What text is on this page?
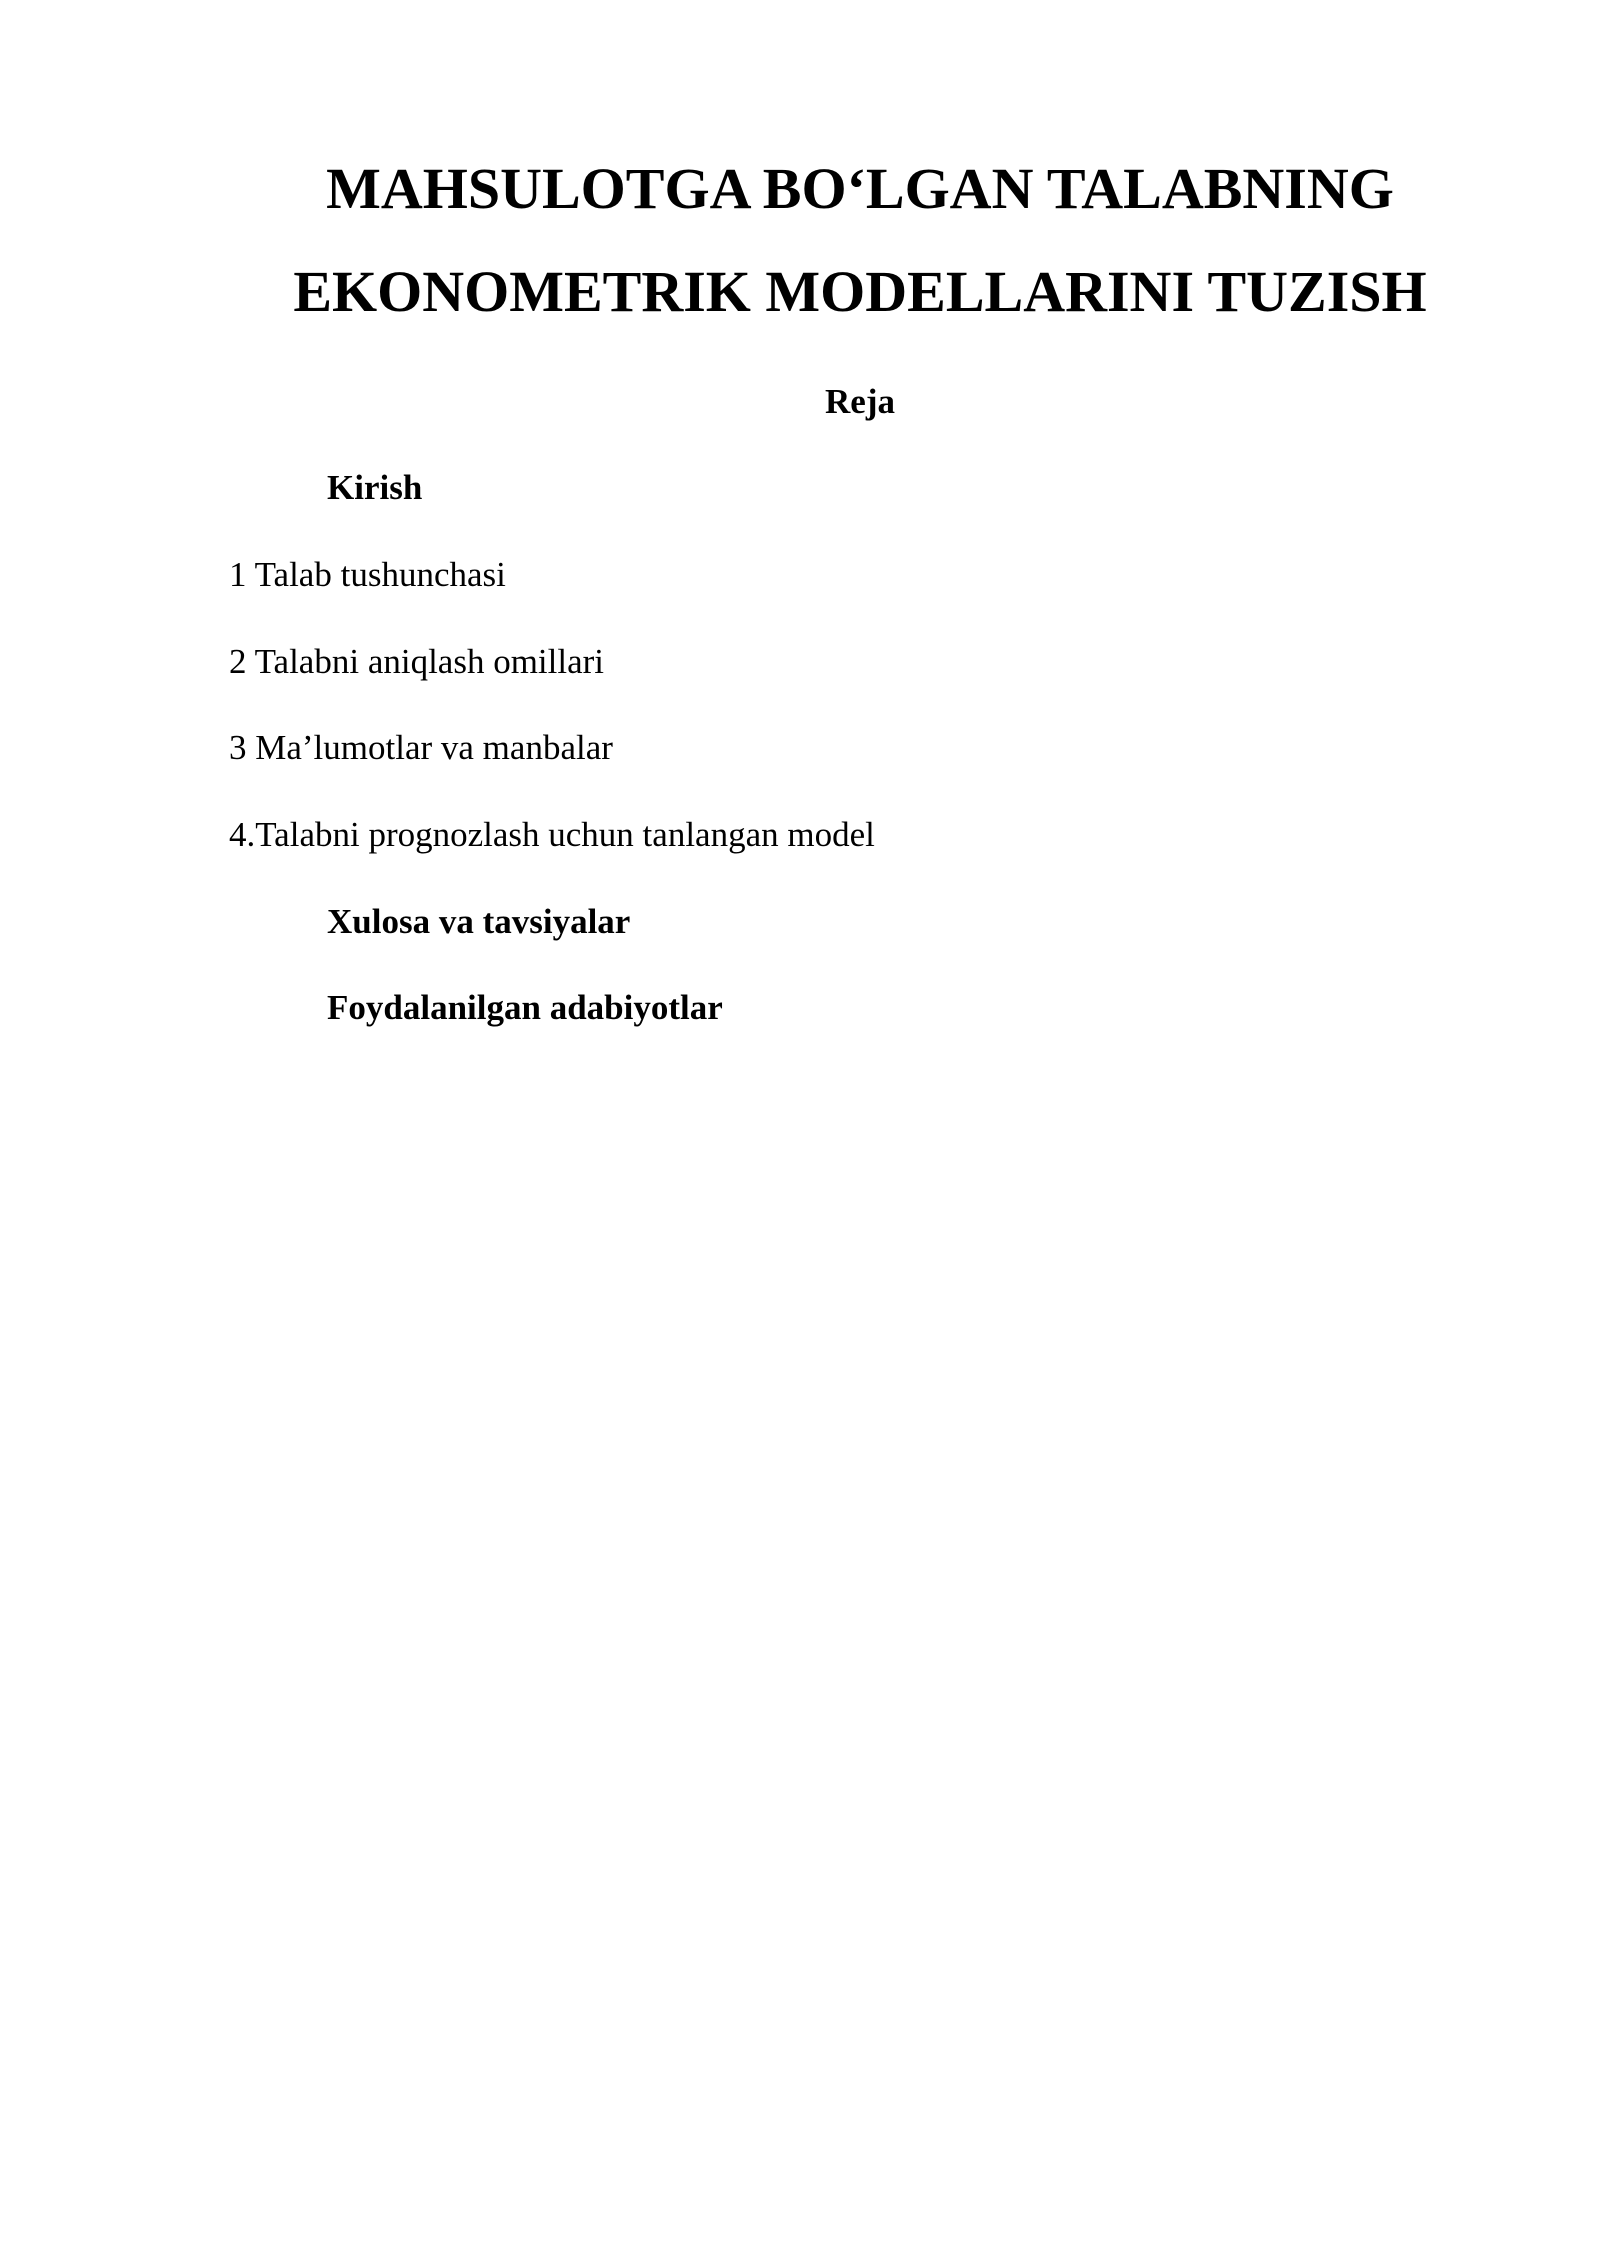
MAHSULOTGA BO‘LGAN TALABNING
EKONOMETRIK MODELLARINI TUZISH
Reja
Kirish
1 Talab tushunchasi
2 Talabni aniqlash omillari
3 Ma’lumotlar va manbalar
4.Talabni prognozlash uchun tanlangan model
Xulosa va tavsiyalar
Foydalanilgan adabiyotlar
